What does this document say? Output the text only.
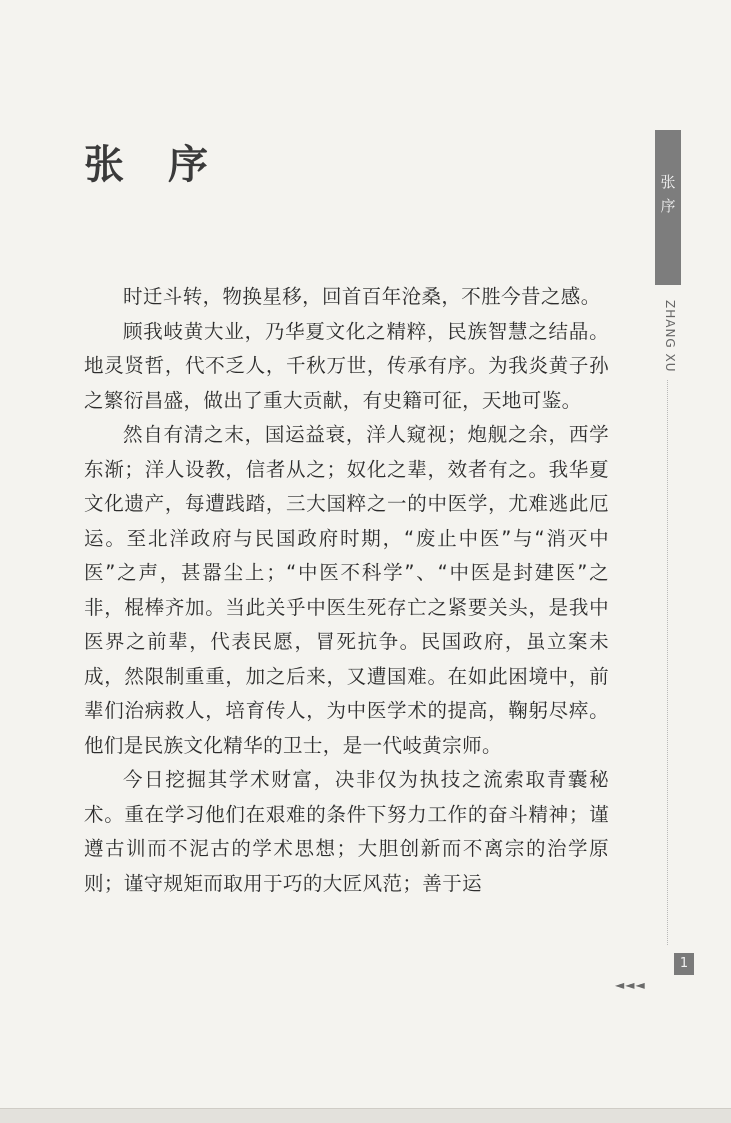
张　序

时迁斗转，物换星移，回首百年沧桑，不胜今昔之感。

顾我岐黄大业，乃华夏文化之精粹，民族智慧之结晶。地灵贤哲，代不乏人，千秋万世，传承有序。为我炎黄子孙之繁衍昌盛，做出了重大贡献，有史籍可征，天地可鉴。

然自有清之末，国运益衰，洋人窥视；炮舰之余，西学东渐；洋人设教，信者从之；奴化之辈，效者有之。我华夏文化遗产，每遭践踏，三大国粹之一的中医学，尤难逃此厄运。至北洋政府与民国政府时期，“废止中医”与“消灭中医”之声，甚嚣尘上；“中医不科学”、“中医是封建医”之非，棍棒齐加。当此关乎中医生死存亡之紧要关头，是我中医界之前辈，代表民愿，冒死抗争。民国政府，虽立案未成，然限制重重，加之后来，又遭国难。在如此困境中，前辈们治病救人，培育传人，为中医学术的提高，鞠躬尽瘁。他们是民族文化精华的卫士，是一代岐黄宗师。

今日挖掘其学术财富，决非仅为执技之流索取青囊秘术。重在学习他们在艰难的条件下努力工作的奋斗精神；谨遵古训而不泥古的学术思想；大胆创新而不离宗的治学原则；谨守规矩而取用于巧的大匠风范；善于运

张
序
ZHANG XU
1
◄◄◄
